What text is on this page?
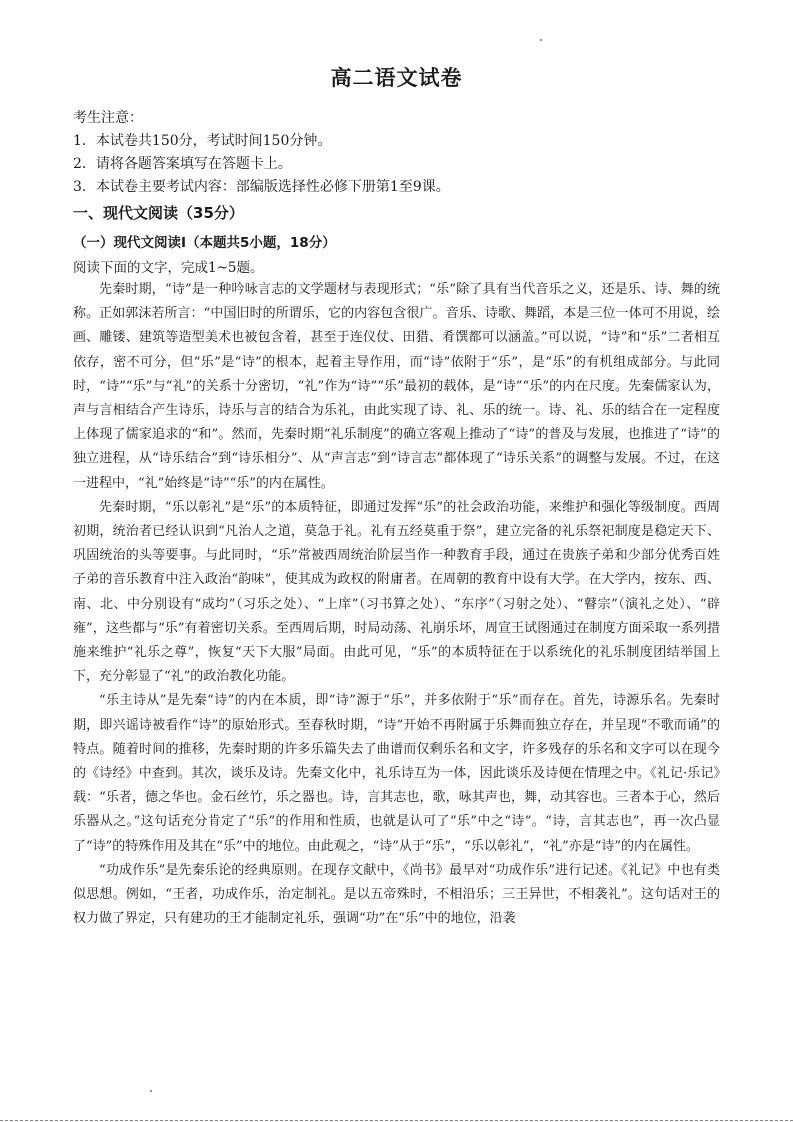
高二语文试卷
考生注意：
1．本试卷共150分，考试时间150分钟。
2．请将各题答案填写在答题卡上。
3．本试卷主要考试内容：部编版选择性必修下册第1至9课。
一、现代文阅读（35分）
（一）现代文阅读Ⅰ（本题共5小题，18分）
阅读下面的文字，完成1~5题。

先秦时期，“诗”是一种吟咏言志的文学题材与表现形式；“乐”除了具有当代音乐之义，还是乐、诗、舞的统称。正如郭沫若所言：“中国旧时的所谓乐，它的内容包含很广。音乐、诗歌、舞蹈，本是三位一体可不用说，绘画、雕镂、建筑等造型美术也被包含着，甚至于连仪仗、田猎、肴馔都可以涵盖。”可以说，“诗”和“乐”二者相互依存，密不可分，但“乐”是“诗”的根本，起着主导作用，而“诗”依附于“乐”，是“乐”的有机组成部分。与此同时，“诗”“乐”与“礼”的关系十分密切，“礼”作为“诗”“乐”最初的载体，是“诗”“乐”的内在尺度。先秦儒家认为，声与言相结合产生诗乐，诗乐与言的结合为乐礼，由此实现了诗、礼、乐的统一。诗、礼、乐的结合在一定程度上体现了儒家追求的“和”。然而，先秦时期“礼乐制度”的确立客观上推动了“诗”的普及与发展，也推进了“诗”的独立进程，从“诗乐结合”到“诗乐相分”、从“声言志”到“诗言志”都体现了“诗乐关系”的调整与发展。不过，在这一进程中，“礼”始终是“诗”“乐”的内在属性。

先秦时期，“乐以彰礼”是“乐”的本质特征，即通过发挥“乐”的社会政治功能，来维护和强化等级制度。西周初期，统治者已经认识到“凡治人之道，莫急于礼。礼有五经莫重于祭”，建立完备的礼乐祭祀制度是稳定天下、巩固统治的头等要事。与此同时，“乐”常被西周统治阶层当作一种教育手段，通过在贵族子弟和少部分优秀百姓子弟的音乐教育中注入政治“韵味”，使其成为政权的附庸者。在周朝的教育中设有大学。在大学内，按东、西、南、北、中分别设有“成均”（习乐之处）、“上庠”（习书算之处）、“东序”（习射之处）、“瞽宗”（演礼之处）、“辟雍”，这些都与“乐”有着密切关系。至西周后期，时局动荡、礼崩乐坏，周宣王试图通过在制度方面采取一系列措施来维护“礼乐之尊”，恢复“天下大服”局面。由此可见，“乐”的本质特征在于以系统化的礼乐制度团结举国上下，充分彰显了“礼”的政治教化功能。

“乐主诗从”是先秦“诗”的内在本质，即“诗”源于“乐”，并多依附于“乐”而存在。首先，诗源乐名。先秦时期，即兴谣诗被看作“诗”的原始形式。至春秋时期，“诗”开始不再附属于乐舞而独立存在，并呈现“不歌而诵”的特点。随着时间的推移，先秦时期的许多乐篇失去了曲谱而仅剩乐名和文字，许多残存的乐名和文字可以在现今的《诗经》中查到。其次，谈乐及诗。先秦文化中，礼乐诗互为一体，因此谈乐及诗便在情理之中。《礼记·乐记》载：“乐者，德之华也。金石丝竹，乐之器也。诗，言其志也，歌，咏其声也，舞，动其容也。三者本于心，然后乐器从之。”这句话充分肯定了“乐”的作用和性质，也就是认可了“乐”中之“诗”。“诗，言其志也”，再一次凸显了“诗”的特殊作用及其在“乐”中的地位。由此观之，“诗”从于“乐”，“乐以彰礼”，“礼”亦是“诗”的内在属性。

“功成作乐”是先秦乐论的经典原则。在现存文献中，《尚书》最早对“功成作乐”进行记述。《礼记》中也有类似思想。例如，“王者，功成作乐，治定制礼。是以五帝殊时，不相沿乐；三王异世，不相袭礼”。这句话对王的权力做了界定，只有建功的王才能制定礼乐，强调“功”在“乐”中的地位，沿袭
